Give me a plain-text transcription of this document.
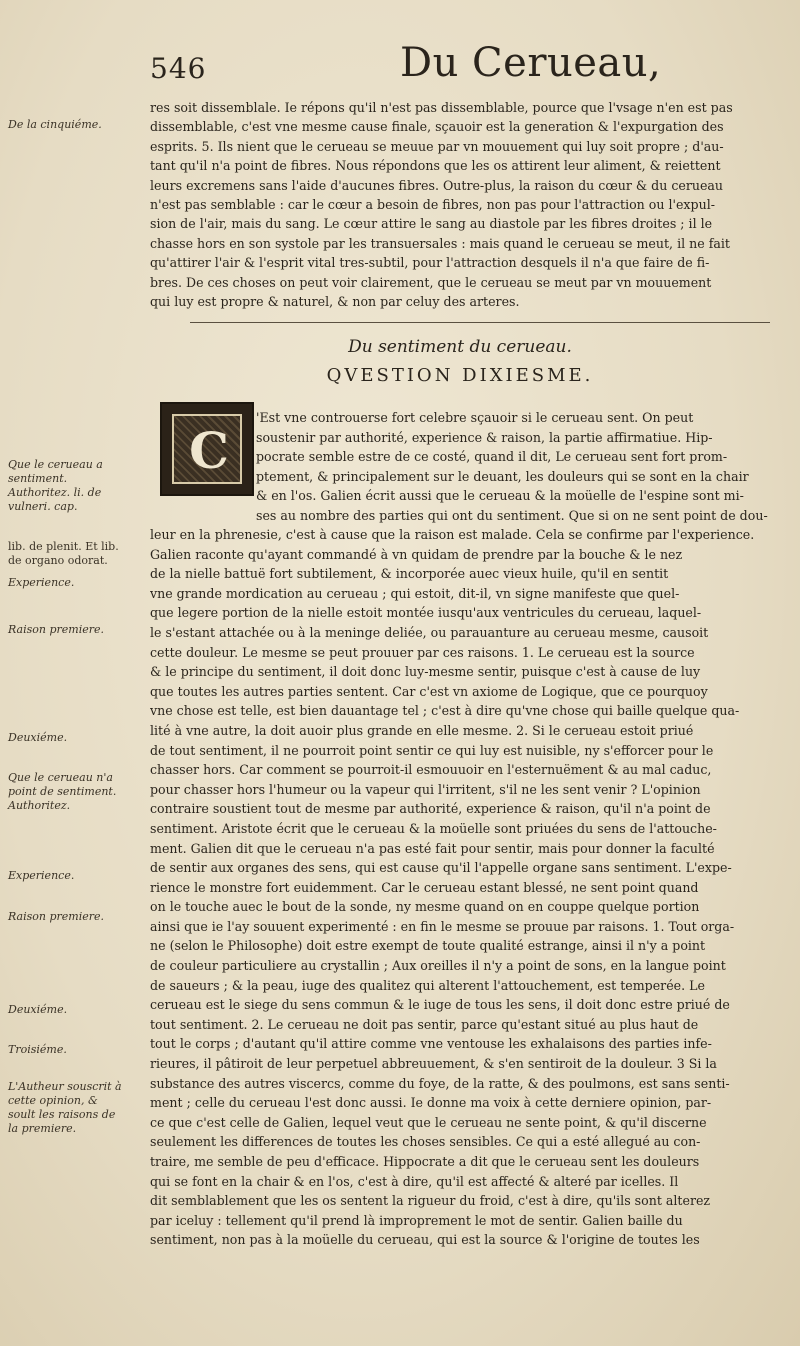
546	Du Cerueau,
De la cinquiéme.
Que le cerueau a sentiment. Authoritez. li. de vulneri. cap.
lib. de plenit. Et lib. de organo odorat.
Experience.
Raison premiere.
Deuxiéme.
Que le cerueau n'a point de sentiment. Authoritez.
Experience.
Raison premiere.
Deuxiéme.
Troisiéme.
L'Autheur souscrit à cette opinion, & soult les raisons de la premiere.
res soit dissemblale. Ie répons qu'il n'est pas dissemblable, pource que l'vsage n'en est pas
dissemblable, c'est vne mesme cause finale, sçauoir est la generation & l'expurgation des
esprits. 5. Ils nient que le cerueau se meuue par vn mouuement qui luy soit propre ; d'au-
tant qu'il n'a point de fibres. Nous répondons que les os attirent leur aliment, & reiettent
leurs excremens sans l'aide d'aucunes fibres. Outre-plus, la raison du cœur & du cerueau
n'est pas semblable : car le cœur a besoin de fibres, non pas pour l'attraction ou l'expul-
sion de l'air, mais du sang. Le cœur attire le sang au diastole par les fibres droites ; il le
chasse hors en son systole par les transuersales : mais quand le cerueau se meut, il ne fait
qu'attirer l'air & l'esprit vital tres-subtil, pour l'attraction desquels il n'a que faire de fi-
bres. De ces choses on peut voir clairement, que le cerueau se meut par vn mouuement
qui luy est propre & naturel, & non par celuy des arteres.
Du sentiment du cerueau.
QVESTION DIXIESME.
C
'Est vne controuerse fort celebre sçauoir si le cerueau sent. On peut
soustenir par authorité, experience & raison, la partie affirmatiue. Hip-
pocrate semble estre de ce costé, quand il dit, Le cerueau sent fort prom-
ptement, & principalement sur le deuant, les douleurs qui se sont en la chair
& en l'os. Galien écrit aussi que le cerueau & la moüelle de l'espine sont mi-
ses au nombre des parties qui ont du sentiment. Que si on ne sent point de dou-
leur en la phrenesie, c'est à cause que la raison est malade. Cela se confirme par l'experience.
Galien raconte qu'ayant commandé à vn quidam de prendre par la bouche & le nez
de la nielle battuë fort subtilement, & incorporée auec vieux huile, qu'il en sentit
vne grande mordication au cerueau ; qui estoit, dit-il, vn signe manifeste que quel-
que legere portion de la nielle estoit montée iusqu'aux ventricules du cerueau, laquel-
le s'estant attachée ou à la meninge deliée, ou parauanture au cerueau mesme, causoit
cette douleur. Le mesme se peut prouuer par ces raisons. 1. Le cerueau est la source
& le principe du sentiment, il doit donc luy-mesme sentir, puisque c'est à cause de luy
que toutes les autres parties sentent. Car c'est vn axiome de Logique, que ce pourquoy
vne chose est telle, est bien dauantage tel ; c'est à dire qu'vne chose qui baille quelque qua-
lité à vne autre, la doit auoir plus grande en elle mesme. 2. Si le cerueau estoit priué
de tout sentiment, il ne pourroit point sentir ce qui luy est nuisible, ny s'efforcer pour le
chasser hors. Car comment se pourroit-il esmouuoir en l'esternuëment & au mal caduc,
pour chasser hors l'humeur ou la vapeur qui l'irritent, s'il ne les sent venir ? L'opinion
contraire soustient tout de mesme par authorité, experience & raison, qu'il n'a point de
sentiment. Aristote écrit que le cerueau & la moüelle sont priuées du sens de l'attouche-
ment. Galien dit que le cerueau n'a pas esté fait pour sentir, mais pour donner la faculté
de sentir aux organes des sens, qui est cause qu'il l'appelle organe sans sentiment. L'expe-
rience le monstre fort euidemment. Car le cerueau estant blessé, ne sent point quand
on le touche auec le bout de la sonde, ny mesme quand on en couppe quelque portion
ainsi que ie l'ay souuent experimenté : en fin le mesme se prouue par raisons. 1. Tout orga-
ne (selon le Philosophe) doit estre exempt de toute qualité estrange, ainsi il n'y a point
de couleur particuliere au crystallin ; Aux oreilles il n'y a point de sons, en la langue point
de saueurs ; & la peau, iuge des qualitez qui alterent l'attouchement, est temperée. Le
cerueau est le siege du sens commun & le iuge de tous les sens, il doit donc estre priué de
tout sentiment. 2. Le cerueau ne doit pas sentir, parce qu'estant situé au plus haut de
tout le corps ; d'autant qu'il attire comme vne ventouse les exhalaisons des parties infe-
rieures, il pâtiroit de leur perpetuel abbreuuement, & s'en sentiroit de la douleur. 3 Si la
substance des autres viscercs, comme du foye, de la ratte, & des poulmons, est sans senti-
ment ; celle du cerueau l'est donc aussi. Ie donne ma voix à cette derniere opinion, par-
ce que c'est celle de Galien, lequel veut que le cerueau ne sente point, & qu'il discerne
seulement les differences de toutes les choses sensibles. Ce qui a esté allegué au con-
traire, me semble de peu d'efficace. Hippocrate a dit que le cerueau sent les douleurs
qui se font en la chair & en l'os, c'est à dire, qu'il est affecté & alteré par icelles. Il
dit semblablement que les os sentent la rigueur du froid, c'est à dire, qu'ils sont alterez
par iceluy : tellement qu'il prend là improprement le mot de sentir. Galien baille du
sentiment, non pas à la moüelle du cerueau, qui est la source & l'origine de toutes les
